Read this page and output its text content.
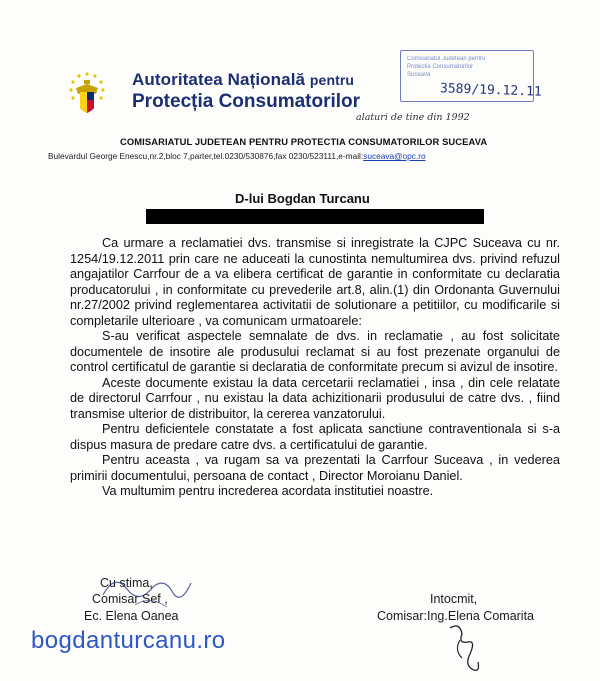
Autoritatea Națională pentru
Protecția Consumatorilor
alaturi de tine din 1992
COMISARIATUL JUDETEAN PENTRU PROTECTIA CONSUMATORILOR SUCEAVA
Bulevardul George Enescu,nr.2,bloc 7,parter,tel.0230/530876,fax 0230/523111,e-mail:suceava@opc.ro
Comisariatul Judetean pentru
Protectia Consumatorilor
Suceava
3589/19.12.11
D-lui Bogdan Turcanu

Ca urmare a reclamatiei dvs. transmise si inregistrate la CJPC Suceava cu nr. 1254/19.12.2011 prin care ne aduceati la cunostinta nemultumirea dvs. privind refuzul angajatilor Carrfour de a va elibera certificat de garantie in conformitate cu declaratia producatorului , in conformitate cu prevederile art.8, alin.(1) din Ordonanta Guvernului nr.27/2002 privind reglementarea activitatii de solutionare a petitiilor, cu modificarile si completarile ulterioare , va comunicam urmatoarele:

S-au verificat aspectele semnalate de dvs. in reclamatie , au fost solicitate documentele de insotire ale produsului reclamat si au fost prezenate organului de control certificatul de garantie si declaratia de conformitate precum si avizul de insotire.

Aceste documente existau la data cercetarii reclamatiei , insa , din cele relatate de directorul Carrfour , nu existau la data achizitionarii produsului de catre dvs. , fiind transmise ulterior de distribuitor, la cererea vanzatorului.

Pentru deficientele constatate a fost aplicata sanctiune contraventionala si s-a dispus masura de predare catre dvs. a certificatului de garantie.

Pentru aceasta , va rugam sa va prezentati la Carrfour Suceava , in vederea primirii documentului, persoana de contact , Director Moroianu Daniel.

Va multumim pentru increderea acordata institutiei noastre.

Cu stima,
Comisar Sef ,
Ec. Elena Oanea
Intocmit,
Comisar:Ing.Elena Comarita
bogdanturcanu.ro
